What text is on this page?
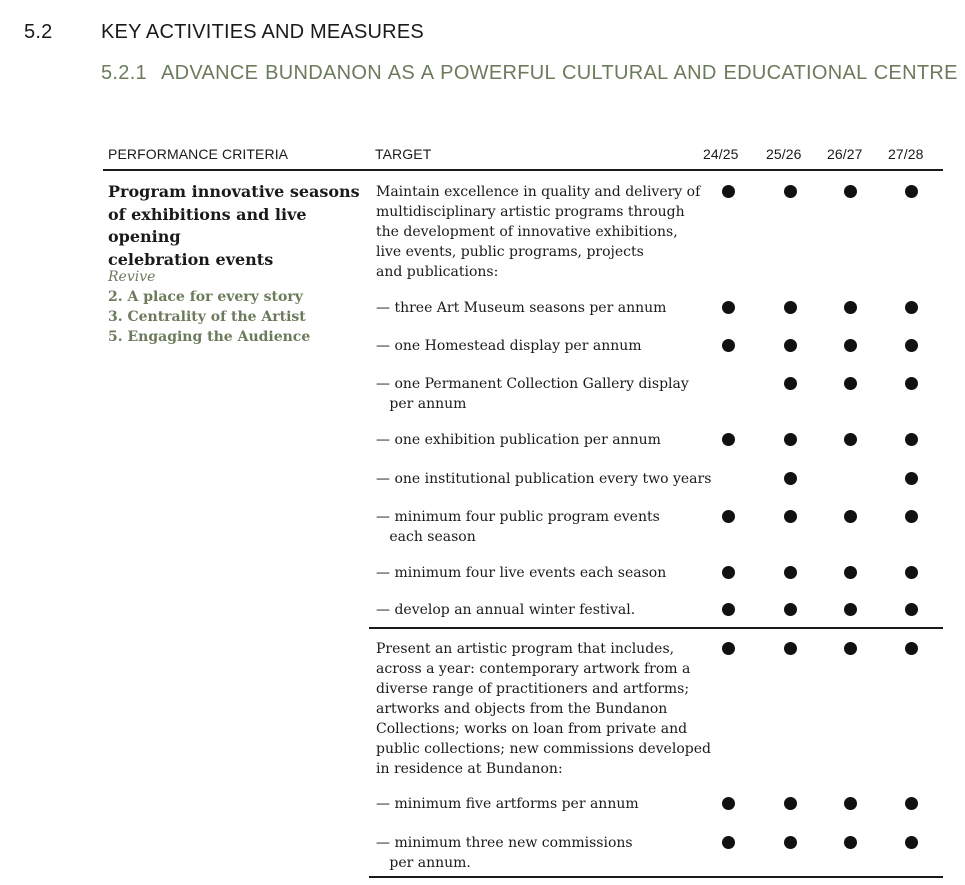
5.2 KEY ACTIVITIES AND MEASURES
5.2.1 ADVANCE BUNDANON AS A POWERFUL CULTURAL AND EDUCATIONAL CENTRE
PERFORMANCE CRITERIA	TARGET	24/25 25/26 26/27 27/28
Program innovative seasons
of exhibitions and live opening
celebration events
Revive
2. A place for every story
3. Centrality of the Artist
5. Engaging the Audience
Maintain excellence in quality and delivery of
multidisciplinary artistic programs through
the development of innovative exhibitions,
live events, public programs, projects
and publications:
— three Art Museum seasons per annum
— one Homestead display per annum
— one Permanent Collection Gallery display
per annum
— one exhibition publication per annum
— one institutional publication every two years
— minimum four public program events
each season
— minimum four live events each season
— develop an annual winter festival.
Present an artistic program that includes,
across a year: contemporary artwork from a
diverse range of practitioners and artforms;
artworks and objects from the Bundanon
Collections; works on loan from private and
public collections; new commissions developed
in residence at Bundanon:
— minimum five artforms per annum
— minimum three new commissions
per annum.
